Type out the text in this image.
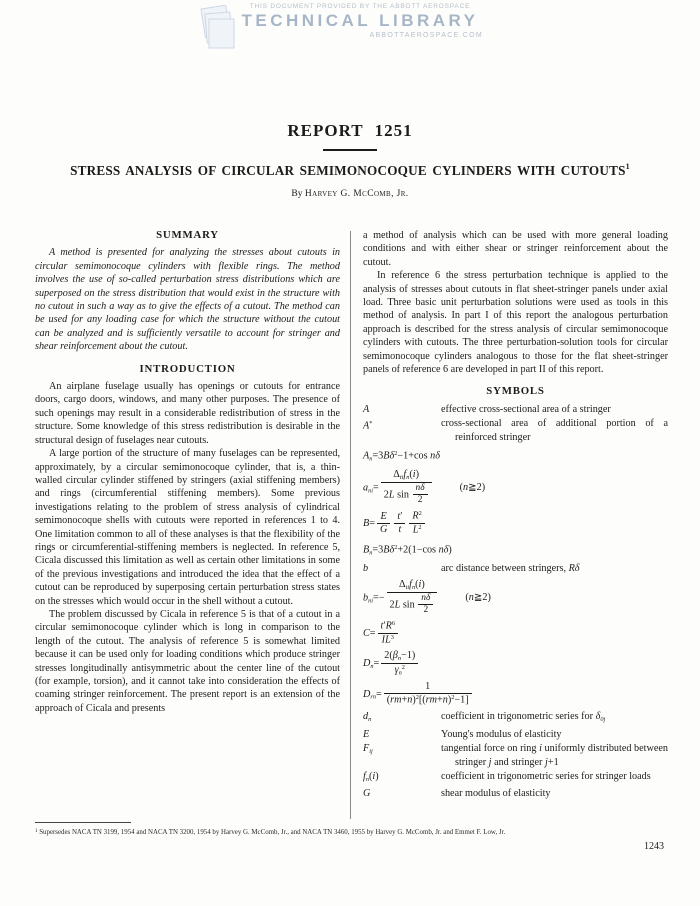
THIS DOCUMENT PROVIDED BY THE ABBOTT AEROSPACE
TECHNICAL LIBRARY
ABBOTTAEROSPACE.COM
REPORT 1251
STRESS ANALYSIS OF CIRCULAR SEMIMONOCOQUE CYLINDERS WITH CUTOUTS$^1$
By Harvey G. McComb, Jr.
SUMMARY

A method is presented for analyzing the stresses about cutouts in circular semimonocoque cylinders with flexible rings. The method involves the use of so-called perturbation stress distributions which are superposed on the stress distribution that would exist in the structure with no cutout in such a way as to give the effects of a cutout. The method can be used for any loading case for which the structure without the cutout can be analyzed and is sufficiently versatile to account for stringer and shear reinforcement about the cutout.

INTRODUCTION

An airplane fuselage usually has openings or cutouts for entrance doors, cargo doors, windows, and many other purposes. The presence of such openings may result in a considerable redistribution of stress in the structure. Some knowledge of this stress redistribution is desirable in the structural design of fuselages near cutouts.

A large portion of the structure of many fuselages can be represented, approximately, by a circular semimonocoque cylinder, that is, a thin-walled circular cylinder stiffened by stringers (axial stiffening members) and rings (circumferential stiffening members). Some previous investigations relating to the problem of stress analysis of cylindrical semimonocoque shells with cutouts were reported in references 1 to 4. One limitation common to all of these analyses is that the flexibility of the rings or circumferential-stiffening members is neglected. In reference 5, Cicala discussed this limitation as well as certain other limitations in some of the previous investigations and introduced the idea that the effect of a cutout can be reproduced by superposing certain perturbation stress states on the stresses which would occur in the shell without a cutout.

The problem discussed by Cicala in reference 5 is that of a cutout in a circular semimonocoque cylinder which is long in comparison to the length of the cutout. The analysis of reference 5 is somewhat limited because it can be used only for loading conditions which produce stringer stresses longitudinally antisymmetric about the center line of the cutout (for example, torsion), and it cannot take into consideration the effects of coaming stringer reinforcement. The present report is an extension of the approach of Cicala and presents

a method of analysis which can be used with more general loading conditions and with either shear or stringer reinforcement about the cutout.

In reference 6 the stress perturbation technique is applied to the analysis of stresses about cutouts in flat sheet-stringer panels under axial load. Three basic unit perturbation solutions were used as tools in this method of analysis. In part I of this report the analogous perturbation approach is described for the stress analysis of circular semimonocoque cylinders with cutouts. The three perturbation-solution tools for circular semimonocoque cylinders analogous to those for the flat sheet-stringer panels of reference 6 are developed in part II of this report.

SYMBOLS
A	effective cross-sectional area of a stringer
A*	cross-sectional area of additional portion of a reinforced stringer
$A_n=3B\delta^2-1+\cos$ nδ
$a_{ni}= \frac{\Delta_{ti}f_n(i)}{2L \sin \frac{n\delta}{2}}$	(n≧2)
$B= \frac{E}{G} \frac{t'}{t} \frac{R^2}{L^2}$
$B_n=3B\delta^2+2(1-\cos$ nδ)
b	arc distance between stringers, Rδ
$b_{ni}=- \frac{\Delta_{ti}f_n(i)}{2L \sin \frac{n\delta}{2}}$	(n≧2)
$C= \frac{t'R^6}{IL^3}$
$D_n= \frac{2(\beta_n-1)}{\gamma_n^2}$
$D_{rn}= \frac{1}{(rm+n)^2[(rm+n)^2-1]}$
$d_n$	coefficient in trigonometric series for $\delta_{0j}$
E	Young's modulus of elasticity
$F_{ij}$	tangential force on ring i uniformly distributed between stringer j and stringer j+1
$f_n(i)$	coefficient in trigonometric series for stringer loads
G	shear modulus of elasticity
$^1$ Supersedes NACA TN 3199, 1954 and NACA TN 3200, 1954 by Harvey G. McComb, Jr., and NACA TN 3460, 1955 by Harvey G. McComb, Jr. and Emmet F. Low, Jr.
1243
